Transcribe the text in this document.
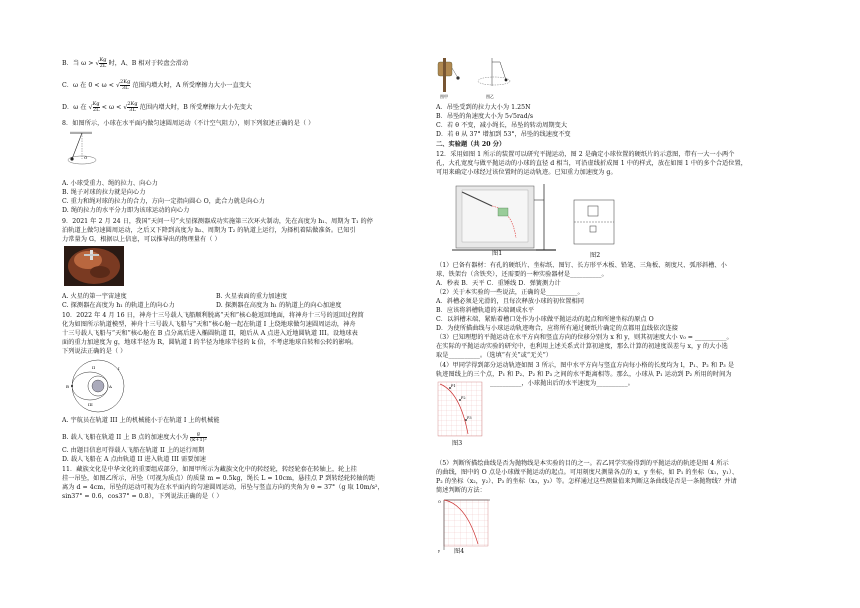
B．当 ω > √ $\frac{Kg}{2L}$ 时，A、B 相对于转盘会滑动
C．ω 在 0 < ω < √ $\frac{2Kg}{3L}$ 范围内增大时，A 所受摩擦力大小一直变大
D．ω 在 √ $\frac{Kg}{2L} < \omega$ < √ $\frac{2Kg}{3L}$ 范围内增大时，B 所受摩擦力大小先变大
8．如图所示，小球在水平面内做匀速圆周运动（不计空气阻力），则下列叙述正确的是（ ）
O
A. 小球受重力、绳的拉力、向心力
B. 绳子对球的拉力就是向心力
C. 重力和绳对球的拉力的合力，方向一定指向圆心 O，此合力就是向心力
D. 绳的拉力的水平分力即为该球运动的向心力
9．2021 年 2 月 24 日，我国“天问一号”火星探测器成功实施第三次环火制动，先在高度为 h₁、周期为 T₁ 的停
泊轨道上做匀速圆周运动，之后又下降到高度为 h₂、周期为 T₂ 的轨道上运行，为择机着陆做准备。已知引
力常量为 G，根据以上信息，可以推导出的物理量有（ ）
A. 火星的第一宇宙速度	B. 火星表面的重力加速度
C. 探测器在高度为 h₁ 的轨道上的向心力	D. 探测器在高度为 h₁ 的轨道上的向心加速度
10．2022 年 4 月 16 日，神舟十三号载人飞船顺利脱离“天和”核心舱返回地面，将神舟十三号的返回过程简
化为如图所示轨道模型，神舟十三号载人飞船与“天和”核心舱一起在轨道 I 上绕地球做匀速圆周运动，神舟
十三号载人飞船与“天和”核心舱在 B 点分离后进入椭圆轨道 II，随后从 A 点进入近地圆轨道 III。设地球表
面的重力加速度为 g，地球半径为 R，圆轨道 I 的半径为地球半径的 k 倍，不考虑地球自转和公转的影响。
下列说法正确的是（ ）
B	A
II
III
I
A. 宇航员在轨道 III 上的机械能小于在轨道 I 上的机械能
B. 载人飞船在轨道 II 上 B 点的加速度大小为 $\frac{g}{\text{(k+1)²}}$
C. 由题目信息可得载人飞船在轨道 II 上的运行周期
D. 载人飞船在 A 点由轨道 II 进入轨道 III 需要加速
11．藏族文化是中华文化的重要组成部分，如图甲所示为藏族文化中的转经轮，转经轮套在转轴上，轮上挂
挂一吊坠，如图乙所示，吊坠（可视为质点）的质量 m = 0.5kg，绳长 L = 10cm，悬挂点 P 到转经轮转轴的距
离为 d = 4cm，吊坠的运动可视为在水平面内的匀速圆周运动，吊坠与竖直方向的夹角为 θ = 37°（g 取 10m/s²，
sin37° = 0.6，cos37° = 0.8），下列说法正确的是（ ）
图甲	图乙
A．吊坠受到的拉力大小为 1.25N
B．吊坠的角速度大小为 5√5rad/s
C．若 θ 不变，减小绳长，吊坠的转动周期变大
D．若 θ 从 37° 增加到 53°，吊坠的线速度不变
二、实验题（共 20 分）
12．采用如图 1 所示的装置可以研究平抛运动，图 2 是确定小球位置的硬纸片的示意图，带有一大一小两个
孔，大孔宽度与做平抛运动的小球的直径 d 相当，可沿虚线折成图 1 中的样式，放在如图 1 中的多个合适位置，
可用来确定小球经过该位置时的运动轨迹。已知重力加速度为 g。
图1	图2
（1）已备有器材：有孔的硬纸片、坐标纸、图钉、长方形平木板、铅笔、三角板、刻度尺、弧形斜槽、小
球、铁架台（含铁夹），还需要的一种实验器材是__________。
A．秒表 B．天平 C．重锤线 D．弹簧测力计
（2）关于本实验的一些说法，正确的是__________。
A．斜槽必须是光滑的，且每次释放小球的初位置相同
B．应该将斜槽轨道的末端调成水平
C．以斜槽末端、紧贴着槽口处作为小球做平抛运动的起点和所建坐标的原点 O
D．为使所描曲线与小球运动轨迹吻合，应将所有通过硬纸片确定的点都用直线依次连接
（3）已知理想的平抛运动在水平方向和竖直方向的位移分别为 x 和 y，则其初速度大小 v₀ = __________。
在实际的平抛运动实验的研究中，也利用上述关系式计算初速度，那么计算的初速度误差与 x，y 的大小选
取是__________。（选填“有关”或“无关”）
（4）甲同学得到部分运动轨迹如图 3 所示，图中水平方向与竖直方向每小格的长度均为 l，P₁、P₂ 和 P₃ 是
轨迹图线上的三个点，P₁ 和 P₂、P₂ 和 P₃ 之间的水平距离相等。那么，小球从 P₁ 运动到 P₂ 所用的时间为
__________，小球抛出后的水平速度为__________。
P1
P2
P3
图3
（5）判断所描绘曲线是否为抛物线是本实验的目的之一。若乙同学实验得到的平抛运动的轨迹是图 4 所示
的曲线，图中的 O 点是小球做平抛运动的起点。可用刻度尺测量各点的 x，y 坐标，如 P₁ 的坐标（x₁，y₁）、
P₂ 的坐标（x₂，y₂）、P₃ 的坐标（x₃，y₃）等。怎样通过这些测量值来判断这条曲线是否是一条抛物线？并请
简述判断的方法：
O
y 图4
